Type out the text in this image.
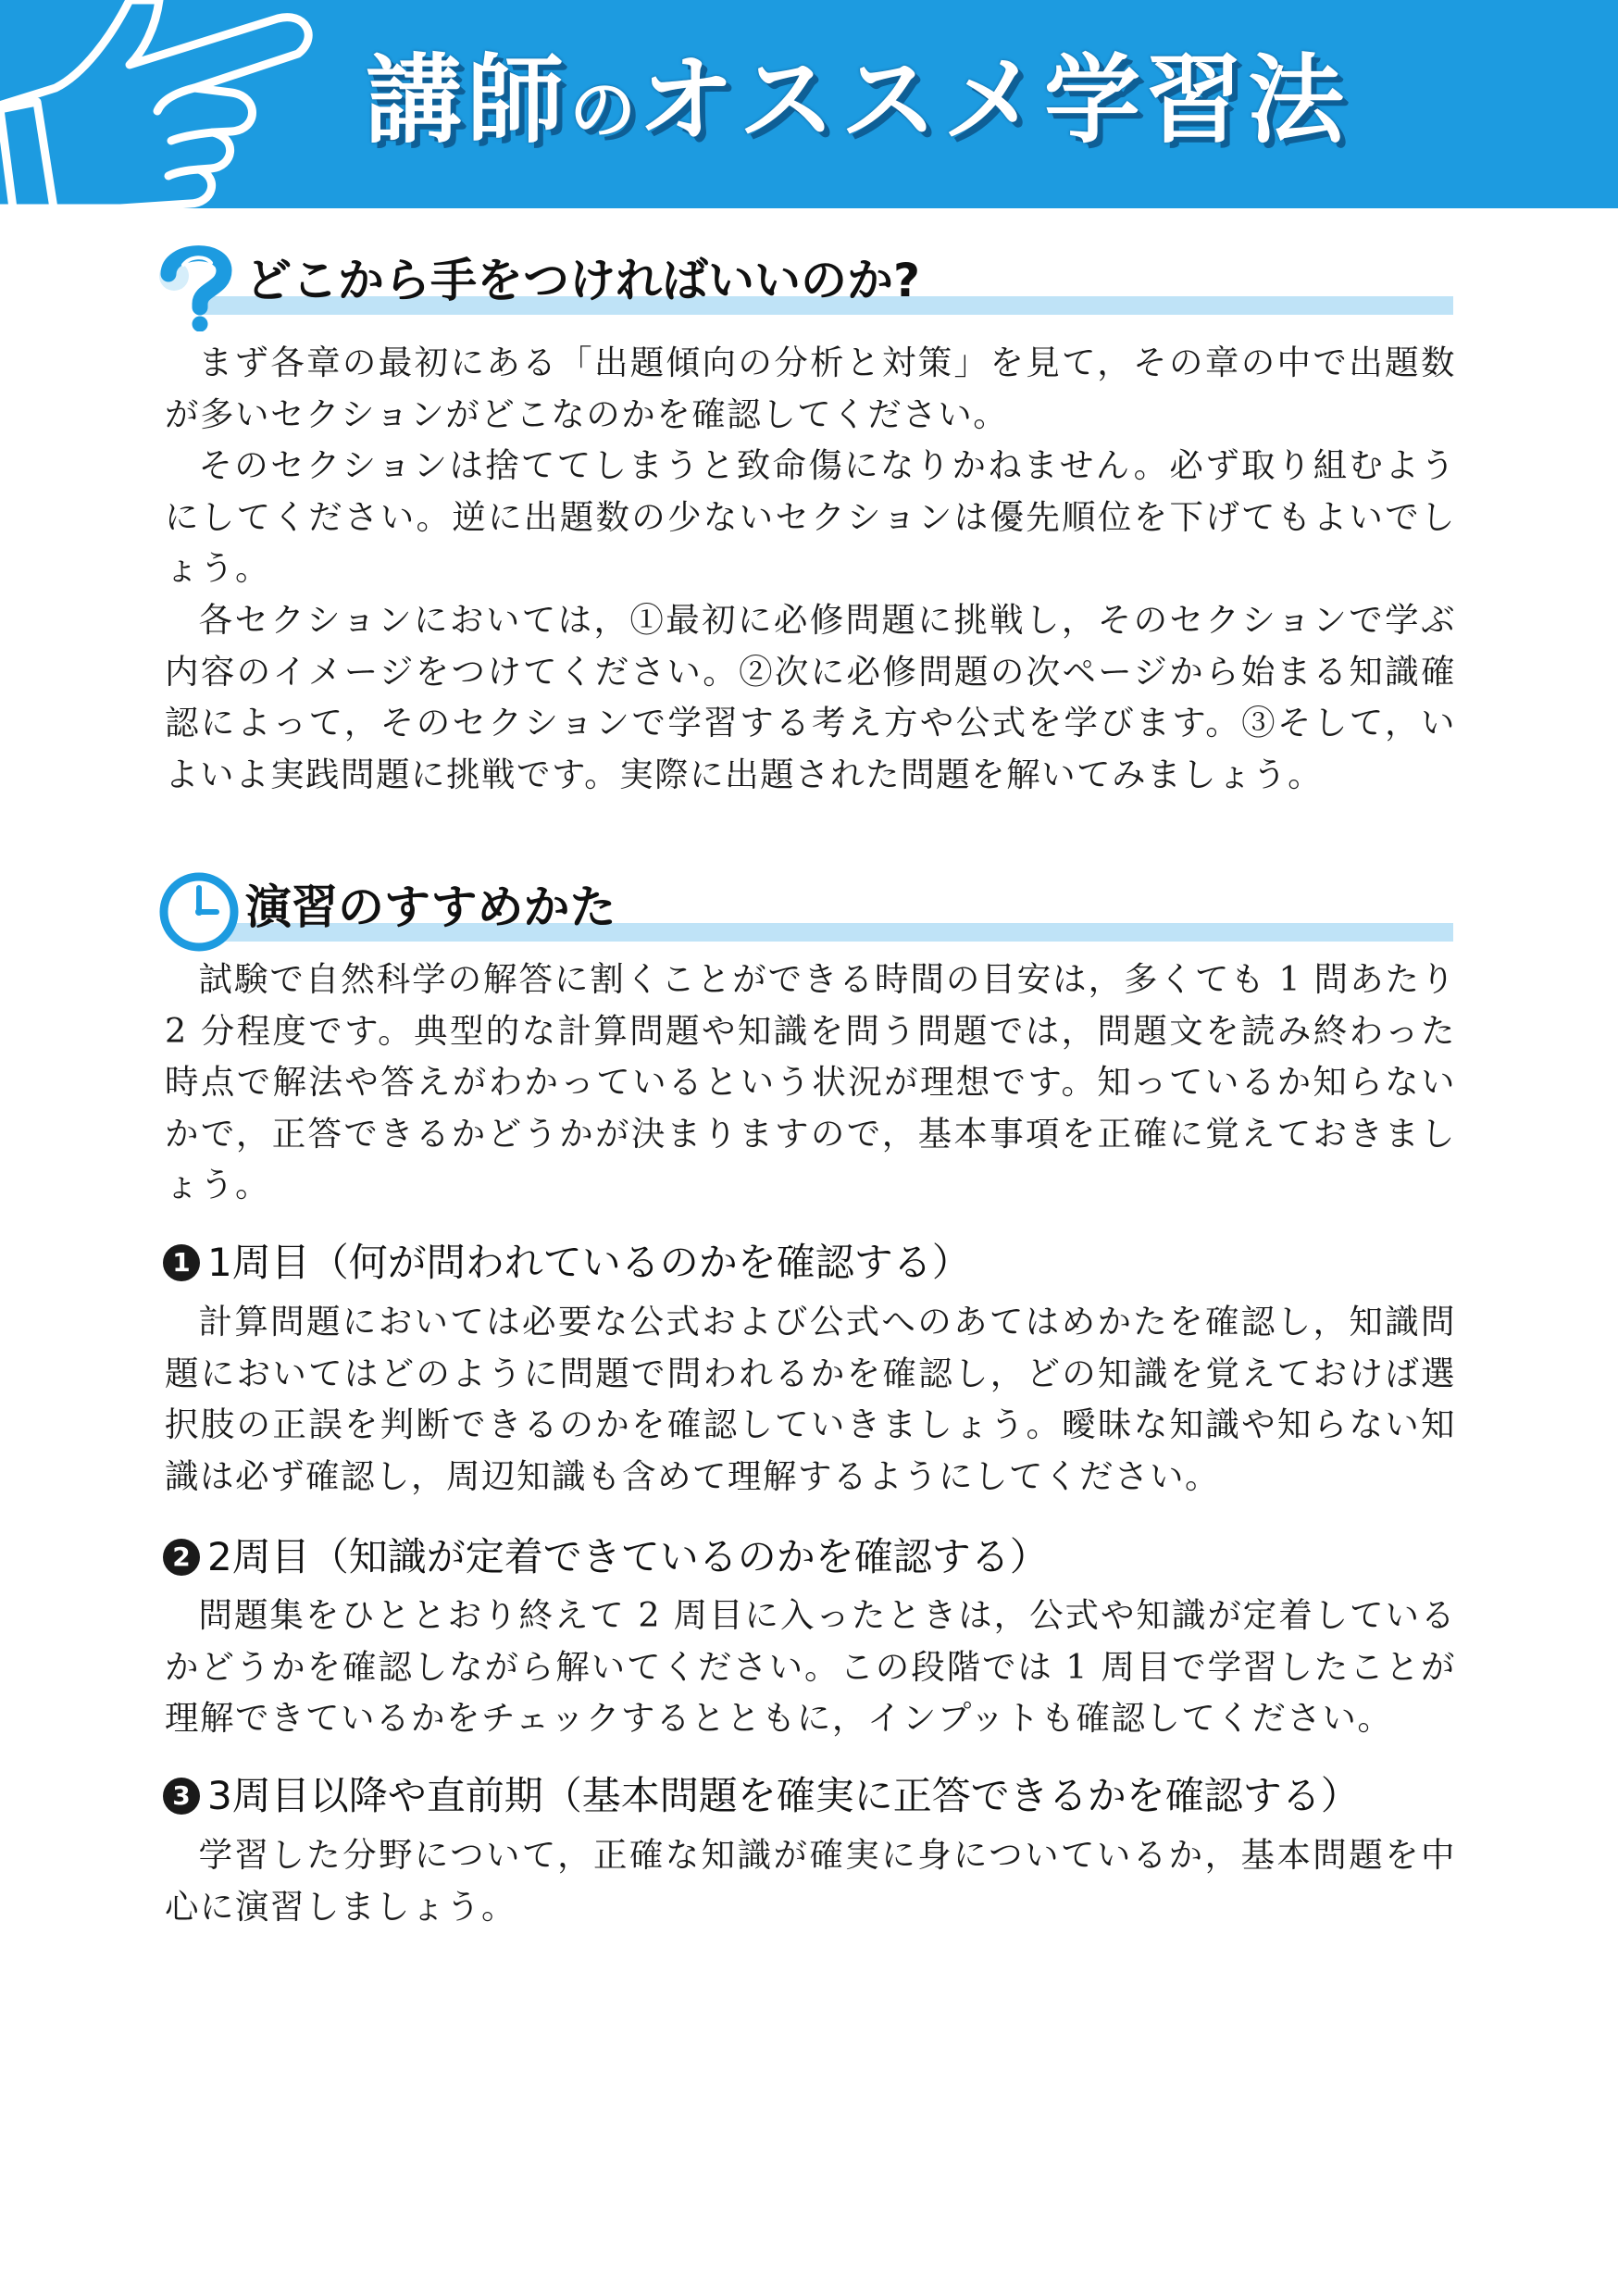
講師のオススメ学習法
どこから手をつければいいのか?

まず各章の最初にある「出題傾向の分析と対策」を見て，その章の中で出題数が多いセクションがどこなのかを確認してください。

そのセクションは捨ててしまうと致命傷になりかねません。必ず取り組むようにしてください。逆に出題数の少ないセクションは優先順位を下げてもよいでしょう。

各セクションにおいては，①最初に必修問題に挑戦し，そのセクションで学ぶ内容のイメージをつけてください。②次に必修問題の次ページから始まる知識確認によって，そのセクションで学習する考え方や公式を学びます。③そして，いよいよ実践問題に挑戦です。実際に出題された問題を解いてみましょう。

演習のすすめかた

試験で自然科学の解答に割くことができる時間の目安は，多くても 1 問あたり 2 分程度です。典型的な計算問題や知識を問う問題では，問題文を読み終わった時点で解法や答えがわかっているという状況が理想です。知っているか知らないかで，正答できるかどうかが決まりますので，基本事項を正確に覚えておきましょう。

1 1周目（何が問われているのかを確認する）

計算問題においては必要な公式および公式へのあてはめかたを確認し，知識問題においてはどのように問題で問われるかを確認し，どの知識を覚えておけば選択肢の正誤を判断できるのかを確認していきましょう。曖昧な知識や知らない知識は必ず確認し，周辺知識も含めて理解するようにしてください。

2 2周目（知識が定着できているのかを確認する）

問題集をひととおり終えて 2 周目に入ったときは，公式や知識が定着しているかどうかを確認しながら解いてください。この段階では 1 周目で学習したことが理解できているかをチェックするとともに，インプットも確認してください。

3 3周目以降や直前期（基本問題を確実に正答できるかを確認する）

学習した分野について，正確な知識が確実に身についているか，基本問題を中心に演習しましょう。
